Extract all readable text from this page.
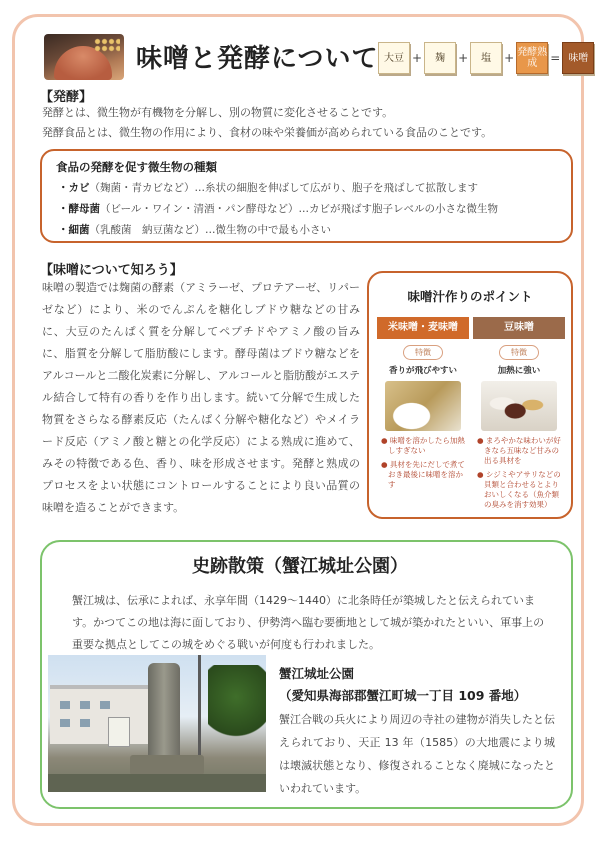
味噌と発酵について 大豆 +	麹	+	塩	+ 発酵熟成	= 味噌
【発酵】
発酵とは、微生物が有機物を分解し、別の物質に変化させることです。
発酵食品とは、微生物の作用により、食材の味や栄養価が高められている食品のことです。
食品の発酵を促す微生物の種類
・カビ（麹菌・青カビなど）…糸状の細胞を伸ばして広がり、胞子を飛ばして拡散します
・酵母菌（ビール・ワイン・清酒・パン酵母など）…カビが飛ばす胞子レベルの小さな微生物
・細菌（乳酸菌　納豆菌など）…微生物の中で最も小さい
【味噌について知ろう】
味噌の製造では麹菌の酵素（アミラーゼ、プロテアーゼ、リパーゼなど）により、米のでんぷんを糖化しブドウ糖などの甘みに、大豆のたんぱく質を分解してペプチドやアミノ酸の旨みに、脂質を分解して脂肪酸にします。酵母菌はブドウ糖などをアルコールと二酸化炭素に分解し、アルコールと脂肪酸がエステル結合して特有の香りを作り出します。続いて分解で生成した物質をさらなる酵素反応（たんぱく分解や糖化など）やメイラード反応（アミノ酸と糖との化学反応）による熟成に進めて、みその特徴である色、香り、味を形成させます。発酵と熟成のプロセスをよい状態にコントロールすることにより良い品質の味噌を造ることができます。
味噌汁作りのポイント
米味噌・麦味噌
特徴
香りが飛びやすい
● 味噌を溶かしたら加熱しすぎない
● 具材を先にだしで煮ておき最後に味噌を溶かす
豆味噌
特徴
加熱に強い
● まろやかな味わいが好きなら五味など甘みの出る具材を
● シジミやアサリなどの貝類と合わせるとよりおいしくなる（魚介類の臭みを消す効果）
史跡散策（蟹江城址公園）
蟹江城は、伝承によれば、永享年間（1429～1440）に北条時任が築城したと伝えられています。かつてこの地は海に面しており、伊勢湾へ臨む要衝地として城が築かれたといい、軍事上の重要な拠点としてこの城をめぐる戦いが何度も行われました。
蟹江城址公園
（愛知県海部郡蟹江町城一丁目 109 番地）
蟹江合戦の兵火により周辺の寺社の建物が消失したと伝えられており、天正 13 年（1585）の大地震により城は壊滅状態となり、修復されることなく廃城になったといわれています。
